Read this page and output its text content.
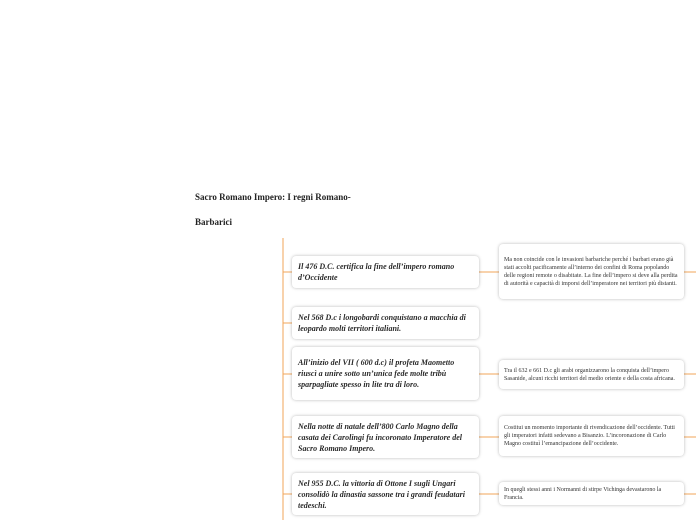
Sacro Romano Impero: I regni Romano-Barbarici
Il 476 D.C. certifica la fine dell’impero romano d’Occidente
Ma non coincide con le invasioni barbariche perché i barbari erano già stati accolti pacificamente all’interno dei confini di Roma popolando delle regioni remote o disabitate. La fine dell’impero si deve alla perdita di autorità e capacità di imporsi dell’imperatore nei territori più distanti.
Nel 568 D.c i longobardi conquistano a macchia di leopardo molti territori italiani.
All’inizio del VII ( 600 d.c) il profeta Maometto riuscì a unire sotto un’unica fede molte tribù sparpagliate spesso in lite tra di loro.
Tra il 632 e 661 D.c gli arabi organizzarono la conquista dell’impero Sasanide, alcuni ricchi territori del medio oriente e della costa africana.
Nella notte di natale dell’800 Carlo Magno della casata dei Carolingi fu incoronato Imperatore del Sacro Romano Impero.
Costitui un momento importante di rivendicazione dell’occidente. Tutti gli imperatori infatti sedevano a Bisanzio. L’incoronazione di Carlo Magno costituì l’emancipazione dell’occidente.
Nel 955 D.C. la vittoria di Ottone I sugli Ungari consolidò la dinastia sassone tra i grandi feudatari tedeschi.
In quegli stessi anni i Normanni di stirpe Vichinga devastarono la Francia.
